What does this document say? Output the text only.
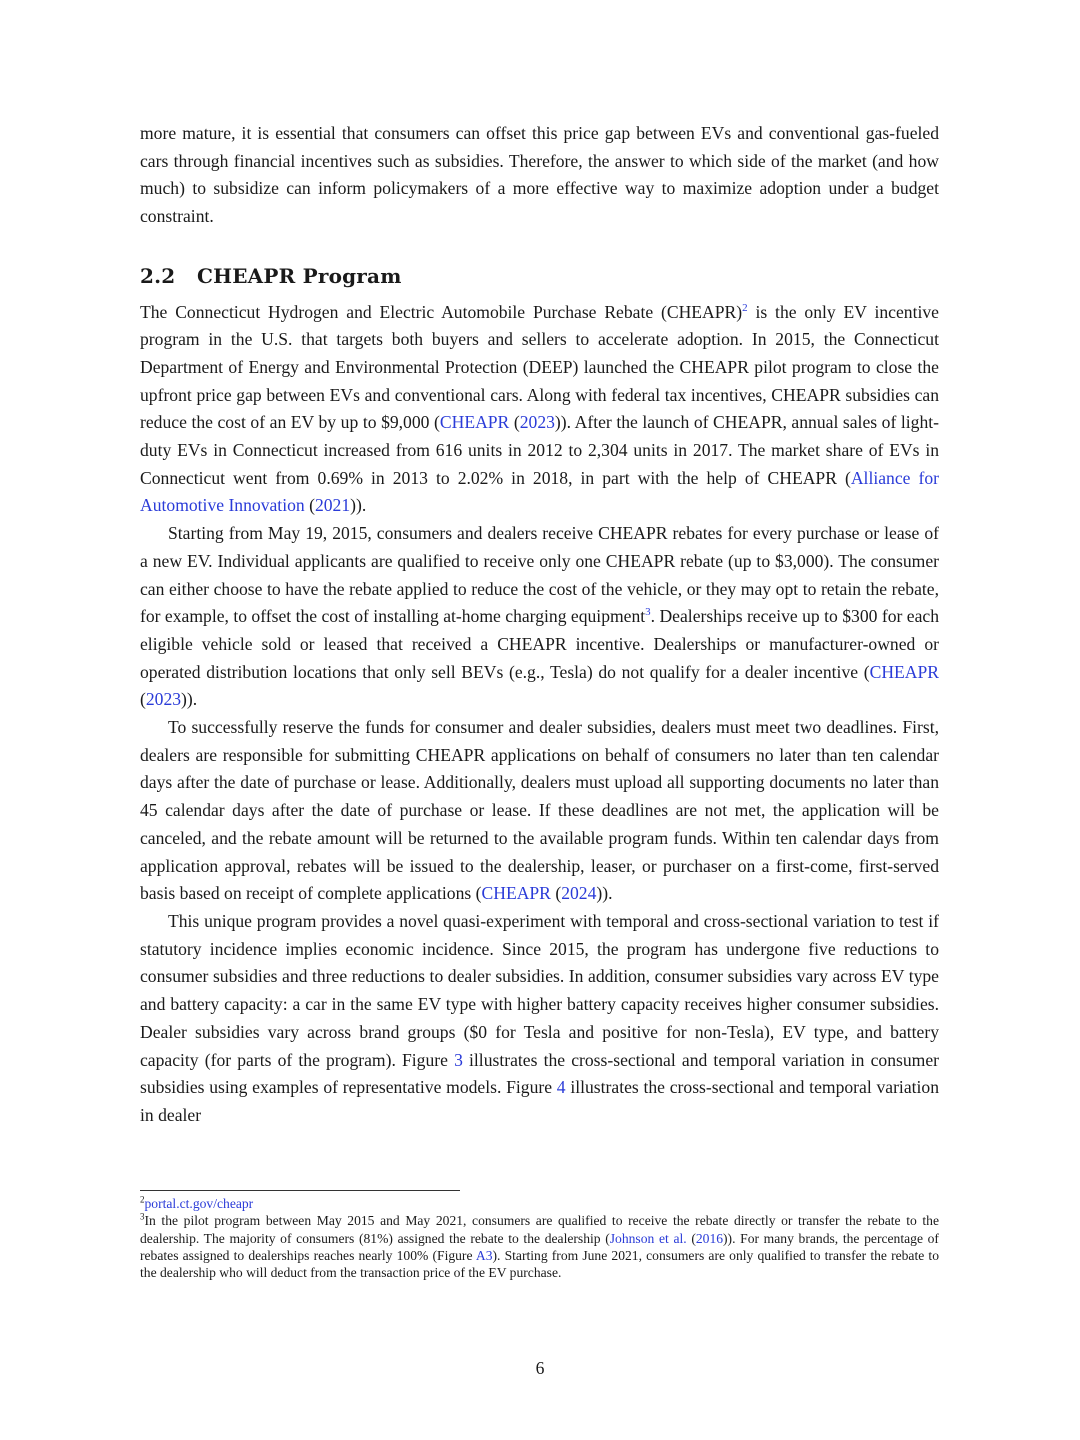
more mature, it is essential that consumers can offset this price gap between EVs and conventional gas-fueled cars through financial incentives such as subsidies. Therefore, the answer to which side of the market (and how much) to subsidize can inform policymakers of a more effective way to maximize adoption under a budget constraint.

2.2 CHEAPR Program

The Connecticut Hydrogen and Electric Automobile Purchase Rebate (CHEAPR)$^2$ is the only EV incentive program in the U.S. that targets both buyers and sellers to accelerate adoption. In 2015, the Connecticut Department of Energy and Environmental Protection (DEEP) launched the CHEAPR pilot program to close the upfront price gap between EVs and conventional cars. Along with federal tax incentives, CHEAPR subsidies can reduce the cost of an EV by up to $9,000 (CHEAPR (2023)). After the launch of CHEAPR, annual sales of light-duty EVs in Connecticut increased from 616 units in 2012 to 2,304 units in 2017. The market share of EVs in Connecticut went from 0.69% in 2013 to 2.02% in 2018, in part with the help of CHEAPR (Alliance for Automotive Innovation (2021)).

Starting from May 19, 2015, consumers and dealers receive CHEAPR rebates for every purchase or lease of a new EV. Individual applicants are qualified to receive only one CHEAPR rebate (up to $3,000). The consumer can either choose to have the rebate applied to reduce the cost of the vehicle, or they may opt to retain the rebate, for example, to offset the cost of installing at-home charging equipment$^3$. Dealerships receive up to $300 for each eligible vehicle sold or leased that received a CHEAPR incentive. Dealerships or manufacturer-owned or operated distribution locations that only sell BEVs (e.g., Tesla) do not qualify for a dealer incentive (CHEAPR (2023)).

To successfully reserve the funds for consumer and dealer subsidies, dealers must meet two deadlines. First, dealers are responsible for submitting CHEAPR applications on behalf of consumers no later than ten calendar days after the date of purchase or lease. Additionally, dealers must upload all supporting documents no later than 45 calendar days after the date of purchase or lease. If these deadlines are not met, the application will be canceled, and the rebate amount will be returned to the available program funds. Within ten calendar days from application approval, rebates will be issued to the dealership, leaser, or purchaser on a first-come, first-served basis based on receipt of complete applications (CHEAPR (2024)).

This unique program provides a novel quasi-experiment with temporal and cross-sectional variation to test if statutory incidence implies economic incidence. Since 2015, the program has undergone five reductions to consumer subsidies and three reductions to dealer subsidies. In addition, consumer subsidies vary across EV type and battery capacity: a car in the same EV type with higher battery capacity receives higher consumer subsidies. Dealer subsidies vary across brand groups ($0 for Tesla and positive for non-Tesla), EV type, and battery capacity (for parts of the program). Figure 3 illustrates the cross-sectional and temporal variation in consumer subsidies using examples of representative models. Figure 4 illustrates the cross-sectional and temporal variation in dealer

$^2$portal.ct.gov/cheapr

$^3$In the pilot program between May 2015 and May 2021, consumers are qualified to receive the rebate directly or transfer the rebate to the dealership. The majority of consumers (81%) assigned the rebate to the dealership (Johnson et al. (2016)). For many brands, the percentage of rebates assigned to dealerships reaches nearly 100% (Figure A3). Starting from June 2021, consumers are only qualified to transfer the rebate to the dealership who will deduct from the transaction price of the EV purchase.

6
